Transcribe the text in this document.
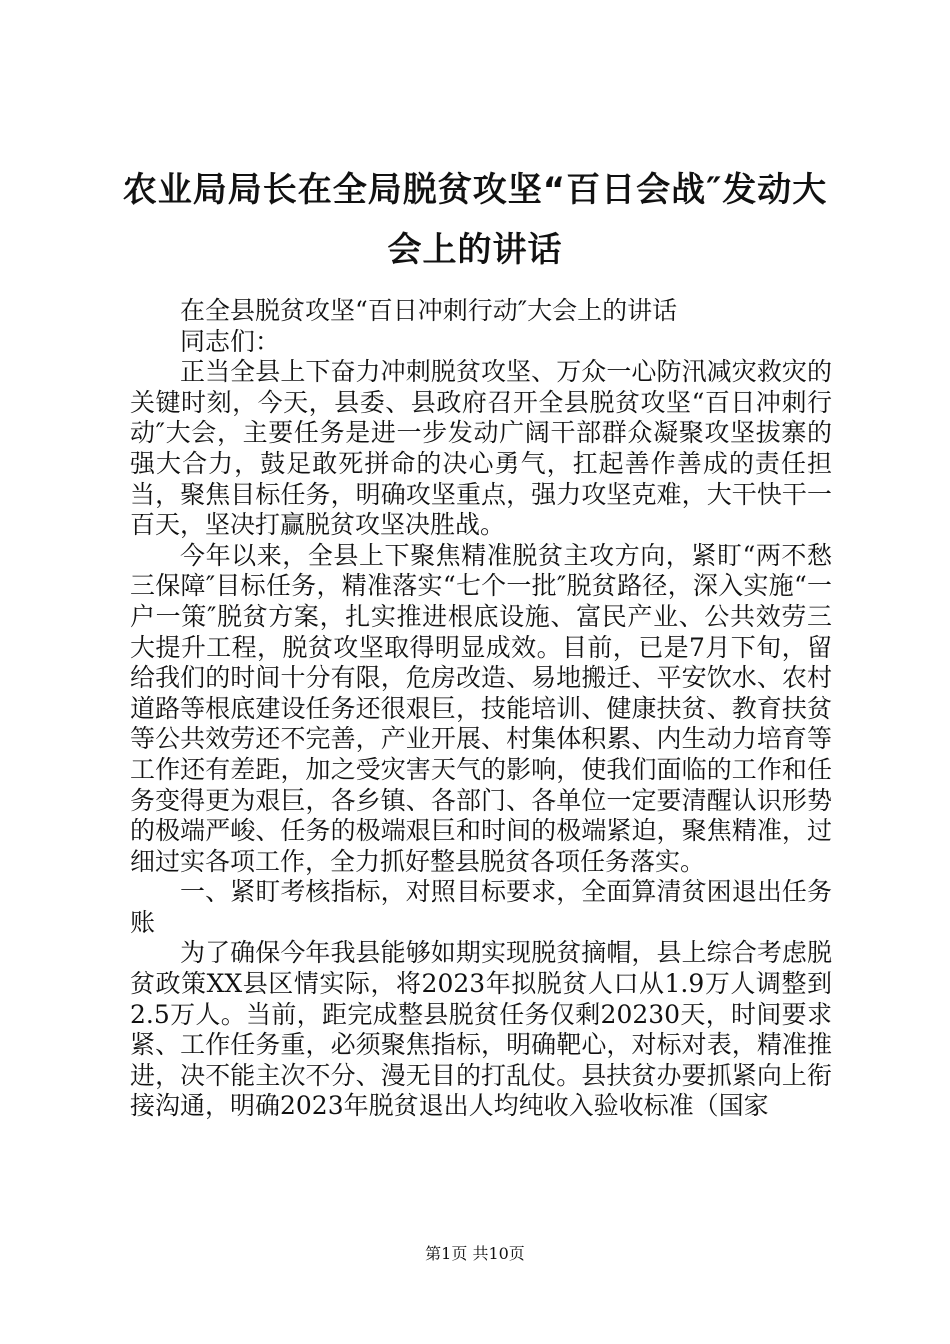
农业局局长在全局脱贫攻坚“百日会战″发动大会上的讲话

在全县脱贫攻坚“百日冲刺行动″大会上的讲话

同志们：

正当全县上下奋力冲刺脱贫攻坚、万众一心防汛减灾救灾的关键时刻，今天，县委、县政府召开全县脱贫攻坚“百日冲刺行动″大会，主要任务是进一步发动广阔干部群众凝聚攻坚拔寨的强大合力，鼓足敢死拼命的决心勇气，扛起善作善成的责任担当，聚焦目标任务，明确攻坚重点，强力攻坚克难，大干快干一百天，坚决打赢脱贫攻坚决胜战。

今年以来，全县上下聚焦精准脱贫主攻方向，紧盯“两不愁三保障″目标任务，精准落实“七个一批″脱贫路径，深入实施“一户一策″脱贫方案，扎实推进根底设施、富民产业、公共效劳三大提升工程，脱贫攻坚取得明显成效。目前，已是7月下旬，留给我们的时间十分有限，危房改造、易地搬迁、平安饮水、农村道路等根底建设任务还很艰巨，技能培训、健康扶贫、教育扶贫等公共效劳还不完善，产业开展、村集体积累、内生动力培育等工作还有差距，加之受灾害天气的影响，使我们面临的工作和任务变得更为艰巨，各乡镇、各部门、各单位一定要清醒认识形势的极端严峻、任务的极端艰巨和时间的极端紧迫，聚焦精准，过细过实各项工作，全力抓好整县脱贫各项任务落实。

一、紧盯考核指标，对照目标要求，全面算清贫困退出任务账

为了确保今年我县能够如期实现脱贫摘帽，县上综合考虑脱贫政策XX县区情实际，将2023年拟脱贫人口从1.9万人调整到2.5万人。当前，距完成整县脱贫任务仅剩20230天，时间要求紧、工作任务重，必须聚焦指标，明确靶心，对标对表，精准推进，决不能主次不分、漫无目的打乱仗。县扶贫办要抓紧向上衔接沟通，明确2023年脱贫退出人均纯收入验收标准（国家

第1页 共10页
